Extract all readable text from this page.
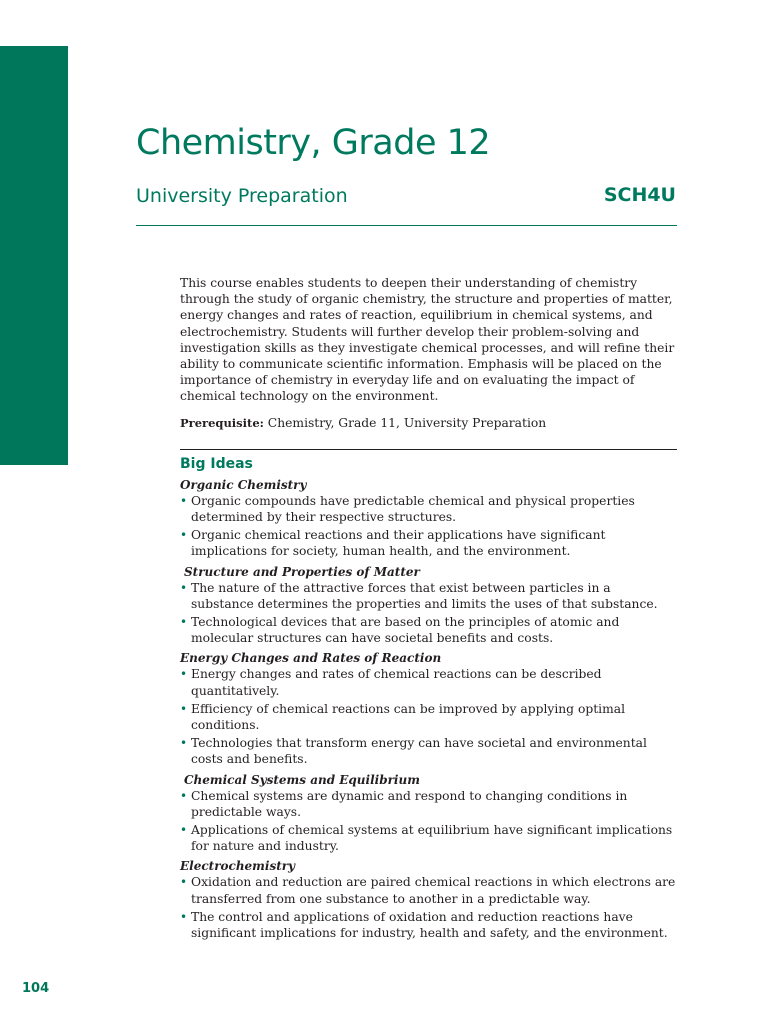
Chemistry, Grade 12
University Preparation	SCH4U

This course enables students to deepen their understanding of chemistry through the study of organic chemistry, the structure and properties of matter, energy changes and rates of reaction, equilibrium in chemical systems, and electrochemistry. Students will further develop their problem-solving and investigation skills as they investigate chemical processes, and will refine their ability to communicate scientific information. Emphasis will be placed on the importance of chemistry in everyday life and on evaluating the impact of chemical technology on the environment.

Prerequisite: Chemistry, Grade 11, University Preparation

Big Ideas
Organic Chemistry
• Organic compounds have predictable chemical and physical properties determined by their respective structures.
• Organic chemical reactions and their applications have significant implications for society, human health, and the environment.
Structure and Properties of Matter
• The nature of the attractive forces that exist between particles in a substance determines the properties and limits the uses of that substance.
• Technological devices that are based on the principles of atomic and molecular structures can have societal benefits and costs.
Energy Changes and Rates of Reaction
• Energy changes and rates of chemical reactions can be described quantitatively.
• Efficiency of chemical reactions can be improved by applying optimal conditions.
• Technologies that transform energy can have societal and environmental costs and benefits.
Chemical Systems and Equilibrium
• Chemical systems are dynamic and respond to changing conditions in predictable ways.
• Applications of chemical systems at equilibrium have significant implications for nature and industry.
Electrochemistry
• Oxidation and reduction are paired chemical reactions in which electrons are transferred from one substance to another in a predictable way.
• The control and applications of oxidation and reduction reactions have significant implications for industry, health and safety, and the environment.
104
